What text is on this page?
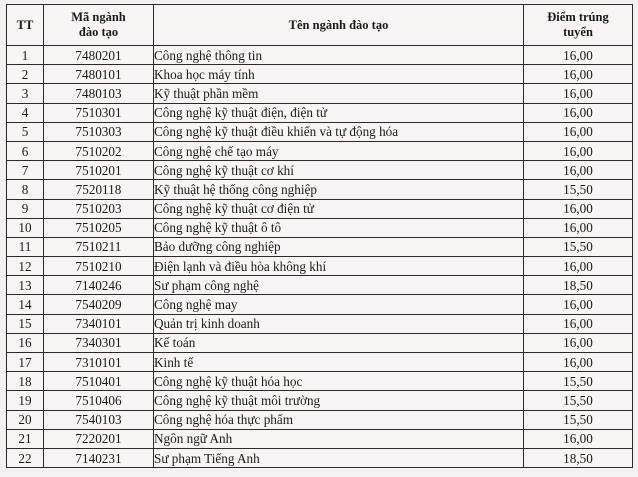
TT	Mã ngành đào tạo	Tên ngành đào tạo	Điểm trúng tuyển

1	7480201	Công nghệ thông tin	16,00
2	7480101	Khoa học máy tính	16,00
3	7480103	Kỹ thuật phần mềm	16,00
4	7510301	Công nghệ kỹ thuật điện, điện tử	16,00
5	7510303	Công nghệ kỹ thuật điều khiển và tự động hóa	16,00
6	7510202	Công nghệ chế tạo máy	16,00
7	7510201	Công nghệ kỹ thuật cơ khí	16,00
8	7520118	Kỹ thuật hệ thống công nghiệp	15,50
9	7510203	Công nghệ kỹ thuật cơ điện tử	16,00
10	7510205	Công nghệ kỹ thuật ô tô	16,00
11	7510211	Bảo dưỡng công nghiệp	15,50
12	7510210	Điện lạnh và điều hòa không khí	16,00
13	7140246	Sư phạm công nghệ	18,50
14	7540209	Công nghệ may	16,00
15	7340101	Quản trị kinh doanh	16,00
16	7340301	Kế toán	16,00
17	7310101	Kinh tế	16,00
18	7510401	Công nghệ kỹ thuật hóa học	15,50
19	7510406	Công nghệ kỹ thuật môi trường	15,50
20	7540103	Công nghệ hóa thực phẩm	15,50
21	7220201	Ngôn ngữ Anh	16,00
22	7140231	Sư phạm Tiếng Anh	18,50
